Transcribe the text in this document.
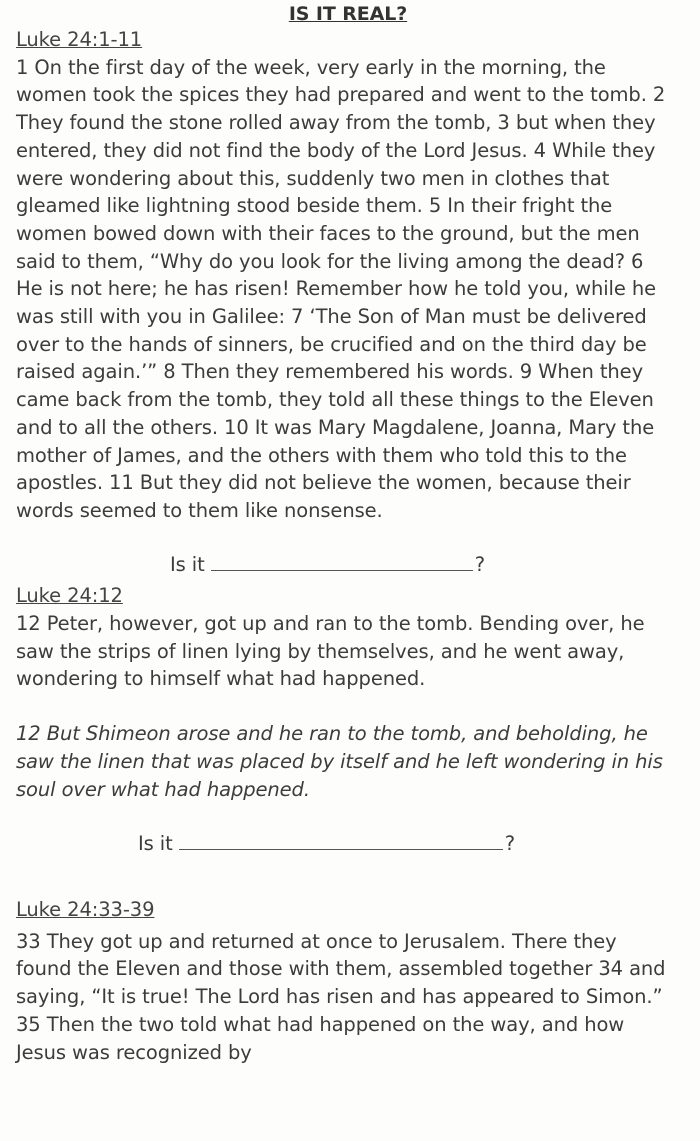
IS IT REAL?

Luke 24:1-11

1 On the first day of the week, very early in the morning, the women took the spices they had prepared and went to the tomb. 2 They found the stone rolled away from the tomb, 3 but when they entered, they did not find the body of the Lord Jesus. 4 While they were wondering about this, suddenly two men in clothes that gleamed like lightning stood beside them. 5 In their fright the women bowed down with their faces to the ground, but the men said to them, “Why do you look for the living among the dead? 6 He is not here; he has risen! Remember how he told you, while he was still with you in Galilee: 7 ‘The Son of Man must be delivered over to the hands of sinners, be crucified and on the third day be raised again.’” 8 Then they remembered his words. 9 When they came back from the tomb, they told all these things to the Eleven and to all the others. 10 It was Mary Magdalene, Joanna, Mary the mother of James, and the others with them who told this to the apostles. 11 But they did not believe the women, because their words seemed to them like nonsense.

Is it	?

Luke 24:12

12 Peter, however, got up and ran to the tomb. Bending over, he saw the strips of linen lying by themselves, and he went away, wondering to himself what had happened.

12 But Shimeon arose and he ran to the tomb, and beholding, he saw the linen that was placed by itself and he left wondering in his soul over what had happened.

Is it	?

Luke 24:33-39

33 They got up and returned at once to Jerusalem. There they found the Eleven and those with them, assembled together 34 and saying, “It is true! The Lord has risen and has appeared to Simon.” 35 Then the two told what had happened on the way, and how Jesus was recognized by
